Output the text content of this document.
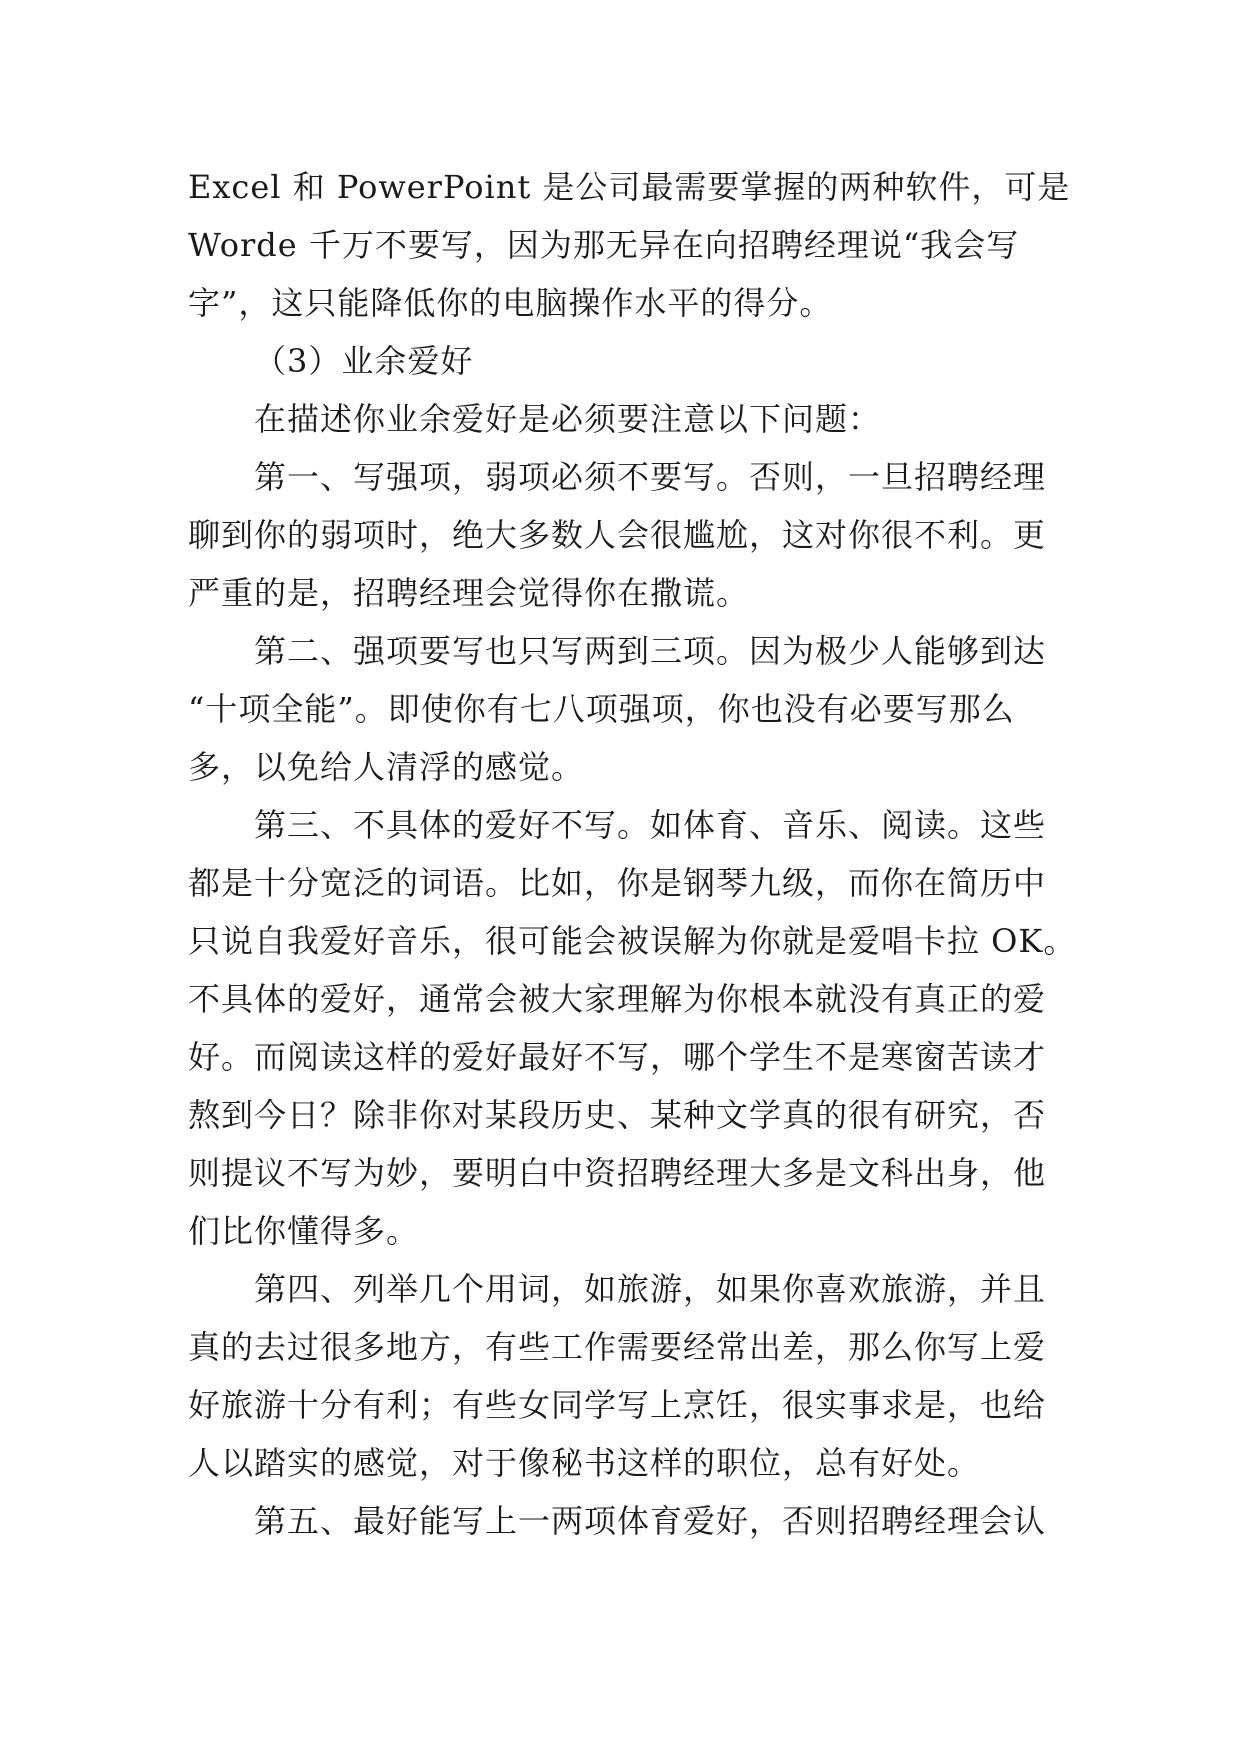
Excel 和 PowerPoint 是公司最需要掌握的两种软件，可是
Worde 千万不要写，因为那无异在向招聘经理说“我会写
字”，这只能降低你的电脑操作水平的得分。
（3）业余爱好
在描述你业余爱好是必须要注意以下问题：
第一、写强项，弱项必须不要写。否则，一旦招聘经理
聊到你的弱项时，绝大多数人会很尴尬，这对你很不利。更
严重的是，招聘经理会觉得你在撒谎。
第二、强项要写也只写两到三项。因为极少人能够到达
“十项全能”。即使你有七八项强项，你也没有必要写那么
多，以免给人清浮的感觉。
第三、不具体的爱好不写。如体育、音乐、阅读。这些
都是十分宽泛的词语。比如，你是钢琴九级，而你在简历中
只说自我爱好音乐，很可能会被误解为你就是爱唱卡拉 OK。
不具体的爱好，通常会被大家理解为你根本就没有真正的爱
好。而阅读这样的爱好最好不写，哪个学生不是寒窗苦读才
熬到今日？除非你对某段历史、某种文学真的很有研究，否
则提议不写为妙，要明白中资招聘经理大多是文科出身，他
们比你懂得多。
第四、列举几个用词，如旅游，如果你喜欢旅游，并且
真的去过很多地方，有些工作需要经常出差，那么你写上爱
好旅游十分有利；有些女同学写上烹饪，很实事求是，也给
人以踏实的感觉，对于像秘书这样的职位，总有好处。
第五、最好能写上一两项体育爱好，否则招聘经理会认
